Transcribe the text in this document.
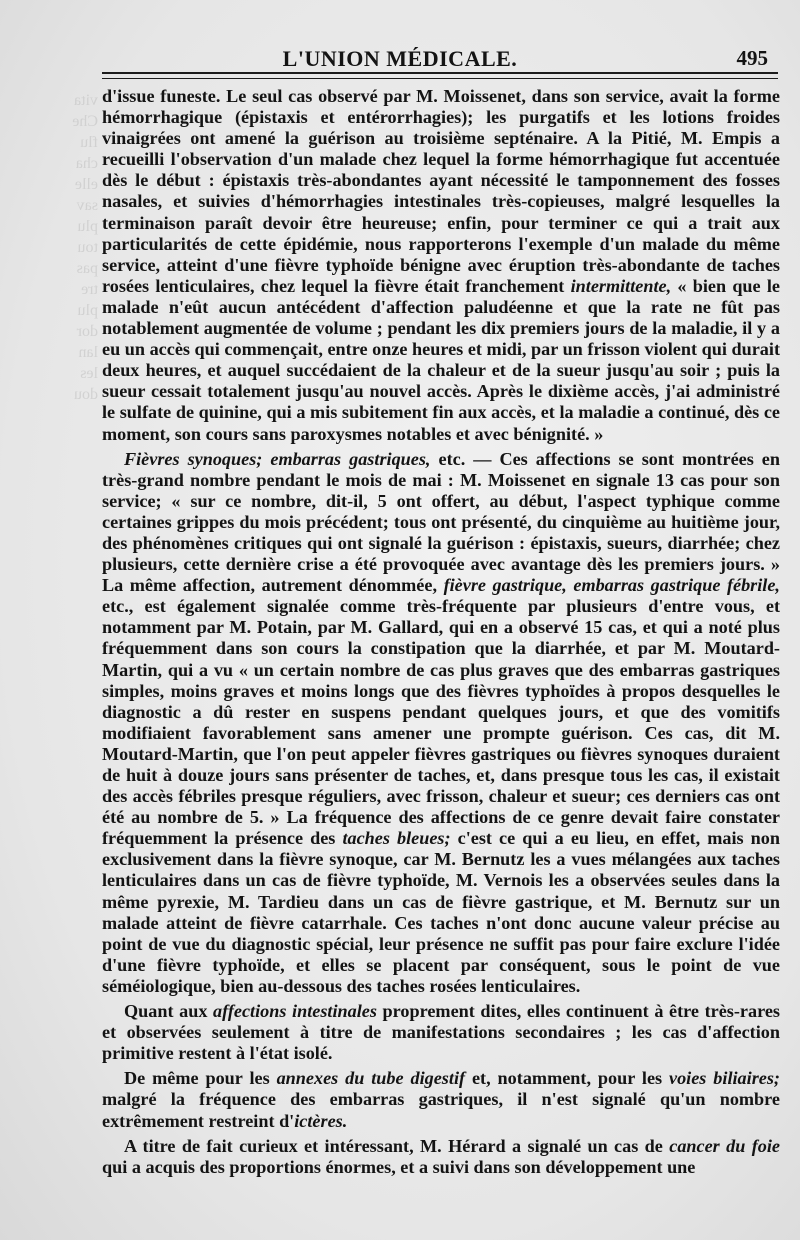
vita
Che
flu
cha
elle
sav
plu
tou
pas
tre
plu
dor
lan
les
dou
L'UNION MÉDICALE.	495

d'issue funeste. Le seul cas observé par M. Moissenet, dans son service, avait la forme hémorrhagique (épistaxis et entérorrhagies); les purgatifs et les lotions froides vinaigrées ont amené la guérison au troisième septénaire. A la Pitié, M. Empis a recueilli l'observation d'un malade chez lequel la forme hémorrhagique fut accentuée dès le début : épistaxis très-abondantes ayant nécessité le tamponnement des fosses nasales, et suivies d'hémorrhagies intestinales très-copieuses, malgré lesquelles la terminaison paraît devoir être heureuse; enfin, pour terminer ce qui a trait aux particularités de cette épidémie, nous rapporterons l'exemple d'un malade du même service, atteint d'une fièvre typhoïde bénigne avec éruption très-abondante de taches rosées lenticulaires, chez lequel la fièvre était franchement intermittente, « bien que le malade n'eût aucun antécédent d'affection paludéenne et que la rate ne fût pas notablement augmentée de volume ; pendant les dix premiers jours de la maladie, il y a eu un accès qui commençait, entre onze heures et midi, par un frisson violent qui durait deux heures, et auquel succédaient de la chaleur et de la sueur jusqu'au soir ; puis la sueur cessait totalement jusqu'au nouvel accès. Après le dixième accès, j'ai administré le sulfate de quinine, qui a mis subitement fin aux accès, et la maladie a continué, dès ce moment, son cours sans paroxysmes notables et avec bénignité. »

Fièvres synoques; embarras gastriques, etc. — Ces affections se sont montrées en très-grand nombre pendant le mois de mai : M. Moissenet en signale 13 cas pour son service; « sur ce nombre, dit-il, 5 ont offert, au début, l'aspect typhique comme certaines grippes du mois précédent; tous ont présenté, du cinquième au huitième jour, des phénomènes critiques qui ont signalé la guérison : épistaxis, sueurs, diarrhée; chez plusieurs, cette dernière crise a été provoquée avec avantage dès les premiers jours. » La même affection, autrement dénommée, fièvre gastrique, embarras gastrique fébrile, etc., est également signalée comme très-fréquente par plusieurs d'entre vous, et notamment par M. Potain, par M. Gallard, qui en a observé 15 cas, et qui a noté plus fréquemment dans son cours la constipation que la diarrhée, et par M. Moutard-Martin, qui a vu « un certain nombre de cas plus graves que des embarras gastriques simples, moins graves et moins longs que des fièvres typhoïdes à propos desquelles le diagnostic a dû rester en suspens pendant quelques jours, et que des vomitifs modifiaient favorablement sans amener une prompte guérison. Ces cas, dit M. Moutard-Martin, que l'on peut appeler fièvres gastriques ou fièvres synoques duraient de huit à douze jours sans présenter de taches, et, dans presque tous les cas, il existait des accès fébriles presque réguliers, avec frisson, chaleur et sueur; ces derniers cas ont été au nombre de 5. » La fréquence des affections de ce genre devait faire constater fréquemment la présence des taches bleues; c'est ce qui a eu lieu, en effet, mais non exclusivement dans la fièvre synoque, car M. Bernutz les a vues mélangées aux taches lenticulaires dans un cas de fièvre typhoïde, M. Vernois les a observées seules dans la même pyrexie, M. Tardieu dans un cas de fièvre gastrique, et M. Bernutz sur un malade atteint de fièvre catarrhale. Ces taches n'ont donc aucune valeur précise au point de vue du diagnostic spécial, leur présence ne suffit pas pour faire exclure l'idée d'une fièvre typhoïde, et elles se placent par conséquent, sous le point de vue séméiologique, bien au-dessous des taches rosées lenticulaires.

Quant aux affections intestinales proprement dites, elles continuent à être très-rares et observées seulement à titre de manifestations secondaires ; les cas d'affection primitive restent à l'état isolé.

De même pour les annexes du tube digestif et, notamment, pour les voies biliaires; malgré la fréquence des embarras gastriques, il n'est signalé qu'un nombre extrêmement restreint d'ictères.

A titre de fait curieux et intéressant, M. Hérard a signalé un cas de cancer du foie qui a acquis des proportions énormes, et a suivi dans son développement une
